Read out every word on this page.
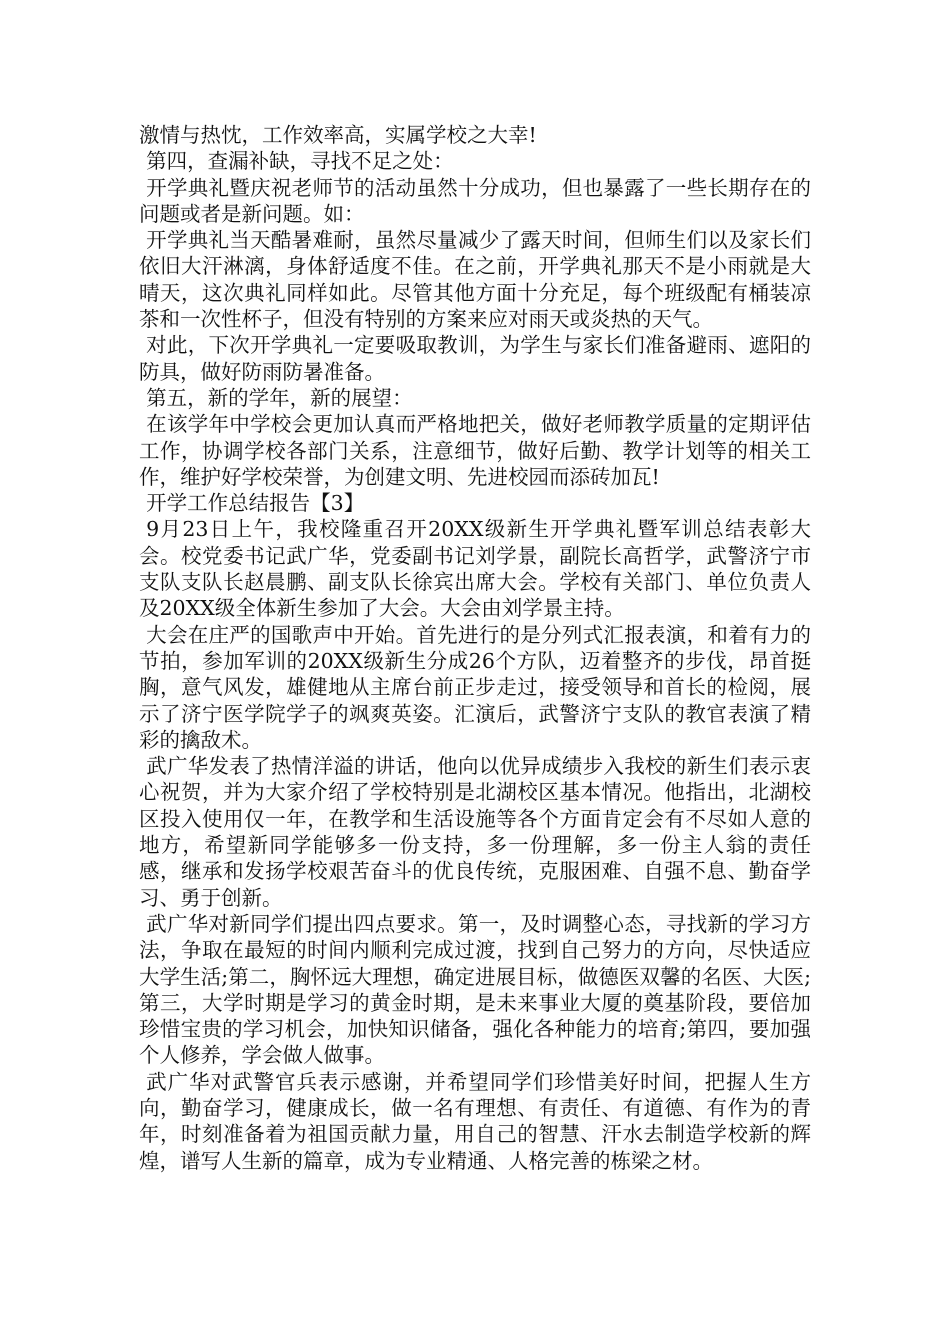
激情与热忱，工作效率高，实属学校之大幸!

第四，查漏补缺，寻找不足之处：

开学典礼暨庆祝老师节的活动虽然十分成功，但也暴露了一些长期存在的问题或者是新问题。如：

开学典礼当天酷暑难耐，虽然尽量减少了露天时间，但师生们以及家长们依旧大汗淋漓，身体舒适度不佳。在之前，开学典礼那天不是小雨就是大晴天，这次典礼同样如此。尽管其他方面十分充足，每个班级配有桶装凉茶和一次性杯子，但没有特别的方案来应对雨天或炎热的天气。

对此，下次开学典礼一定要吸取教训，为学生与家长们准备避雨、遮阳的防具，做好防雨防暑准备。

第五，新的学年，新的展望：

在该学年中学校会更加认真而严格地把关，做好老师教学质量的定期评估工作，协调学校各部门关系，注意细节，做好后勤、教学计划等的相关工作，维护好学校荣誉，为创建文明、先进校园而添砖加瓦!

开学工作总结报告【3】

9月23日上午，我校隆重召开20XX级新生开学典礼暨军训总结表彰大会。校党委书记武广华，党委副书记刘学景，副院长高哲学，武警济宁市支队支队长赵晨鹏、副支队长徐宾出席大会。学校有关部门、单位负责人及20XX级全体新生参加了大会。大会由刘学景主持。

大会在庄严的国歌声中开始。首先进行的是分列式汇报表演，和着有力的节拍，参加军训的20XX级新生分成26个方队，迈着整齐的步伐，昂首挺胸，意气风发，雄健地从主席台前正步走过，接受领导和首长的检阅，展示了济宁医学院学子的飒爽英姿。汇演后，武警济宁支队的教官表演了精彩的擒敌术。

武广华发表了热情洋溢的讲话，他向以优异成绩步入我校的新生们表示衷心祝贺，并为大家介绍了学校特别是北湖校区基本情况。他指出，北湖校区投入使用仅一年，在教学和生活设施等各个方面肯定会有不尽如人意的地方，希望新同学能够多一份支持，多一份理解，多一份主人翁的责任感，继承和发扬学校艰苦奋斗的优良传统，克服困难、自强不息、勤奋学习、勇于创新。

武广华对新同学们提出四点要求。第一，及时调整心态，寻找新的学习方法，争取在最短的时间内顺利完成过渡，找到自己努力的方向，尽快适应大学生活;第二，胸怀远大理想，确定进展目标，做德医双馨的名医、大医;第三，大学时期是学习的黄金时期，是未来事业大厦的奠基阶段，要倍加珍惜宝贵的学习机会，加快知识储备，强化各种能力的培育;第四，要加强个人修养，学会做人做事。

武广华对武警官兵表示感谢，并希望同学们珍惜美好时间，把握人生方向，勤奋学习，健康成长，做一名有理想、有责任、有道德、有作为的青年，时刻准备着为祖国贡献力量，用自己的智慧、汗水去制造学校新的辉煌，谱写人生新的篇章，成为专业精通、人格完善的栋梁之材。
